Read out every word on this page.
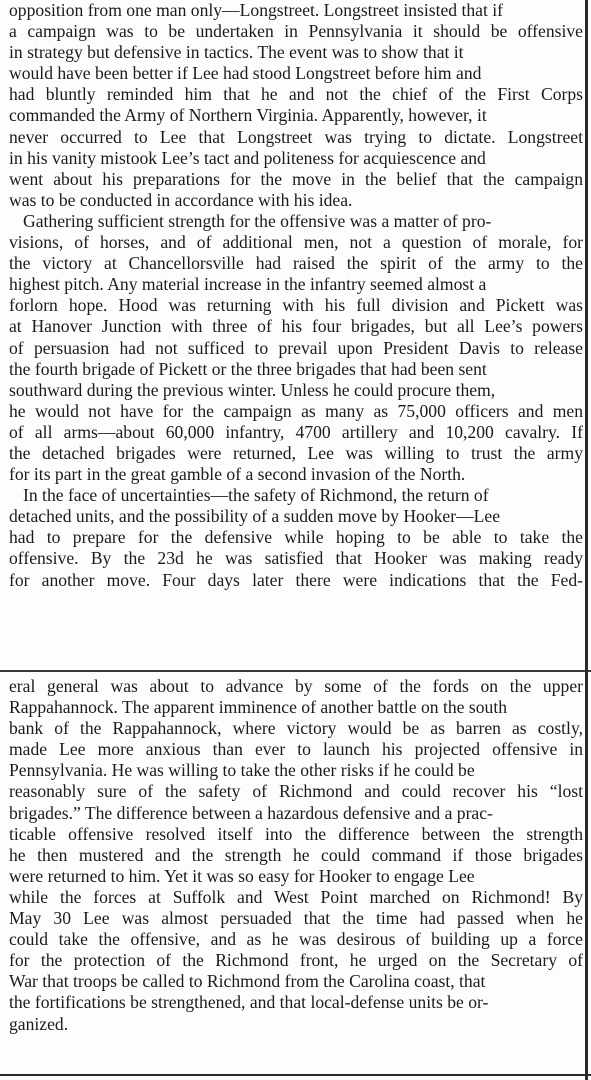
opposition from one man only—Longstreet. Longstreet insisted that if
a campaign was to be undertaken in Pennsylvania it should be offensive
in strategy but defensive in tactics. The event was to show that it
would have been better if Lee had stood Longstreet before him and
had bluntly reminded him that he and not the chief of the First Corps
commanded the Army of Northern Virginia. Apparently, however, it
never occurred to Lee that Longstreet was trying to dictate. Longstreet
in his vanity mistook Lee’s tact and politeness for acquiescence and
went about his preparations for the move in the belief that the campaign
was to be conducted in accordance with his idea.
Gathering sufficient strength for the offensive was a matter of pro-
visions, of horses, and of additional men, not a question of morale, for
the victory at Chancellorsville had raised the spirit of the army to the
highest pitch. Any material increase in the infantry seemed almost a
forlorn hope. Hood was returning with his full division and Pickett was
at Hanover Junction with three of his four brigades, but all Lee’s powers
of persuasion had not sufficed to prevail upon President Davis to release
the fourth brigade of Pickett or the three brigades that had been sent
southward during the previous winter. Unless he could procure them,
he would not have for the campaign as many as 75,000 officers and men
of all arms—about 60,000 infantry, 4700 artillery and 10,200 cavalry. If
the detached brigades were returned, Lee was willing to trust the army
for its part in the great gamble of a second invasion of the North.
In the face of uncertainties—the safety of Richmond, the return of
detached units, and the possibility of a sudden move by Hooker—Lee
had to prepare for the defensive while hoping to be able to take the
offensive. By the 23d he was satisfied that Hooker was making ready
for another move. Four days later there were indications that the Fed-
eral general was about to advance by some of the fords on the upper
Rappahannock. The apparent imminence of another battle on the south
bank of the Rappahannock, where victory would be as barren as costly,
made Lee more anxious than ever to launch his projected offensive in
Pennsylvania. He was willing to take the other risks if he could be
reasonably sure of the safety of Richmond and could recover his “lost
brigades.” The difference between a hazardous defensive and a prac-
ticable offensive resolved itself into the difference between the strength
he then mustered and the strength he could command if those brigades
were returned to him. Yet it was so easy for Hooker to engage Lee
while the forces at Suffolk and West Point marched on Richmond! By
May 30 Lee was almost persuaded that the time had passed when he
could take the offensive, and as he was desirous of building up a force
for the protection of the Richmond front, he urged on the Secretary of
War that troops be called to Richmond from the Carolina coast, that
the fortifications be strengthened, and that local-defense units be or-
ganized.
